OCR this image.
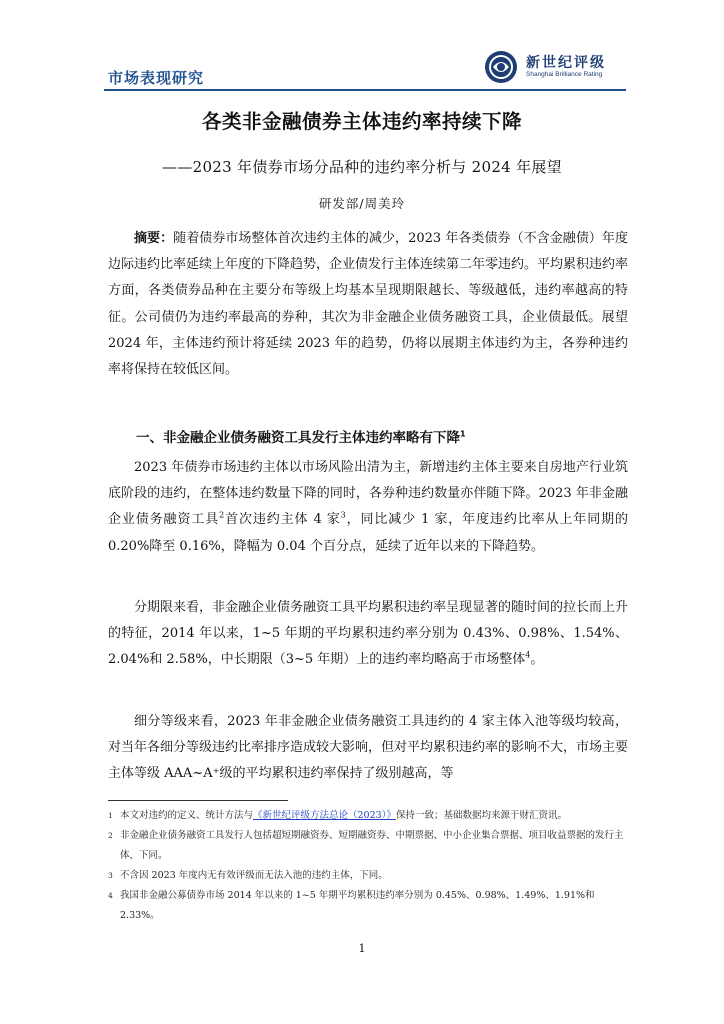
市场表现研究
新世纪评级
Shanghai Brilliance Rating
各类非金融债券主体违约率持续下降
——2023 年债券市场分品种的违约率分析与 2024 年展望
研发部/周美玲

摘要：随着债券市场整体首次违约主体的减少，2023 年各类债券（不含金融债）年度边际违约比率延续上年度的下降趋势，企业债发行主体连续第二年零违约。平均累积违约率方面，各类债券品种在主要分布等级上均基本呈现期限越长、等级越低，违约率越高的特征。公司债仍为违约率最高的券种，其次为非金融企业债务融资工具，企业债最低。展望 2024 年，主体违约预计将延续 2023 年的趋势，仍将以展期主体违约为主，各券种违约率将保持在较低区间。

一、非金融企业债务融资工具发行主体违约率略有下降$^1$

2023 年债券市场违约主体以市场风险出清为主，新增违约主体主要来自房地产行业筑底阶段的违约，在整体违约数量下降的同时，各券种违约数量亦伴随下降。2023 年非金融企业债务融资工具$^2$首次违约主体 4 家$^3$，同比减少 1 家，年度违约比率从上年同期的 0.20%降至 0.16%，降幅为 0.04 个百分点，延续了近年以来的下降趋势。

分期限来看，非金融企业债务融资工具平均累积违约率呈现显著的随时间的拉长而上升的特征，2014 年以来，1~5 年期的平均累积违约率分别为 0.43%、0.98%、1.54%、2.04%和 2.58%，中长期限（3~5 年期）上的违约率均略高于市场整体$^4$。

细分等级来看，2023 年非金融企业债务融资工具违约的 4 家主体入池等级均较高，对当年各细分等级违约比率排序造成较大影响，但对平均累积违约率的影响不大，市场主要主体等级 AAA~A⁺级的平均累积违约率保持了级别越高，等

1 本文对违约的定义、统计方法与《新世纪评级方法总论（2023）》保持一致；基础数据均来源于财汇资讯。
2 非金融企业债务融资工具发行人包括超短期融资券、短期融资券、中期票据、中小企业集合票据、项目收益票据的发行主体，下同。
3 不含因 2023 年度内无有效评级而无法入池的违约主体，下同。
4 我国非金融公募债券市场 2014 年以来的 1~5 年期平均累积违约率分别为 0.45%、0.98%、1.49%、1.91%和 2.33%。
1
